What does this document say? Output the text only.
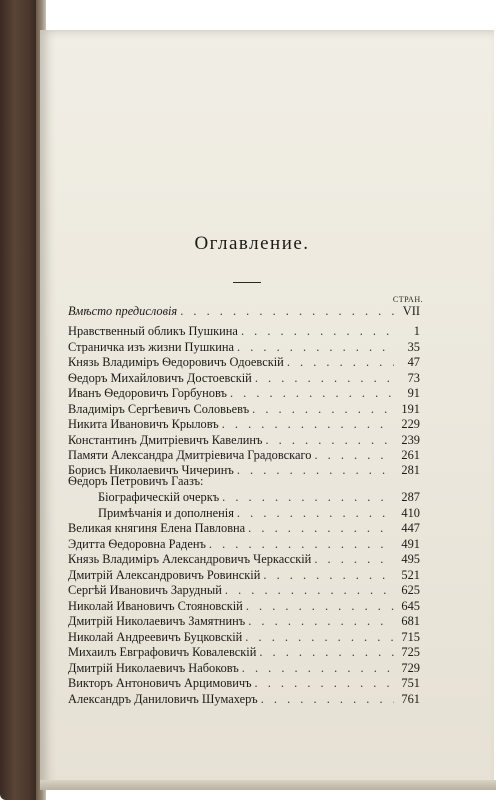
Оглавление.
СТРАН.
Вмѣсто предисловія . . .	VII
Нравственный обликъ Пушкина . . .	1
Страничка изъ жизни Пушкина . . .	35
Князь Владиміръ Ѳедоровичъ Одоевскій . . .	47
Ѳедоръ Михайловичъ Достоевскій . . .	73
Иванъ Ѳедоровичъ Горбуновъ . . .	91
Владиміръ Сергѣевичъ Соловьевъ . . .	191
Никита Ивановичъ Крыловъ . . .	229
Константинъ Дмитріевичъ Кавелинъ . . .	239
Памяти Александра Дмитріевича Градовскаго . . .	261
Борисъ Николаевичъ Чичеринъ . . .	281
Ѳедоръ Петровичъ Гаазъ:
Біографическій очеркъ . . .	287
Примѣчанія и дополненія . . .	410
Великая княгиня Елена Павловна . . .	447
Эдитта Ѳедоровна Раденъ . . .	491
Князь Владиміръ Александровичъ Черкасскій . . .	495
Дмитрій Александровичъ Ровинскій . . .	521
Сергѣй Ивановичъ Зарудный . . .	625
Николай Ивановичъ Стояновскій . . .	645
Дмитрій Николаевичъ Замятнинъ . . .	681
Николай Андреевичъ Буцковскій . . .	715
Михаилъ Евграфовичъ Ковалевскій . . .	725
Дмитрій Николаевичъ Набоковъ . . .	729
Викторъ Антоновичъ Арцимовичъ . . .	751
Александръ Даниловичъ Шумахеръ . . .	761
